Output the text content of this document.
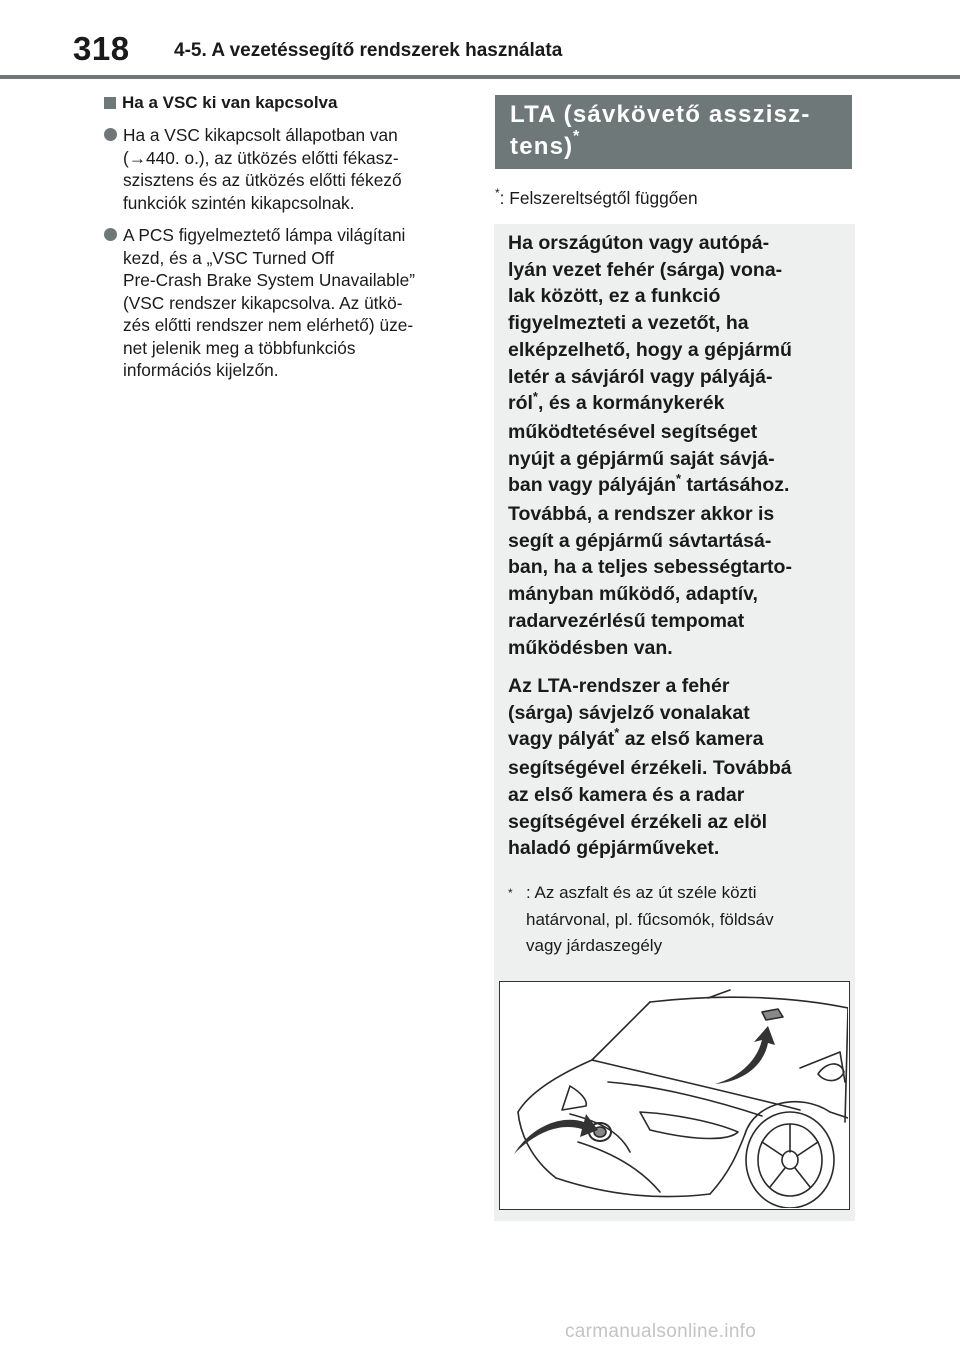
318 4-5. A vezetéssegítő rendszerek használata
Ha a VSC ki van kapcsolva
Ha a VSC kikapcsolt állapotban van
(→440. o.), az ütközés előtti fékasz-
szisztens és az ütközés előtti fékező
funkciók szintén kikapcsolnak.
A PCS figyelmeztető lámpa világítani
kezd, és a „VSC Turned Off
Pre-Crash Brake System Unavailable”
(VSC rendszer kikapcsolva. Az ütkö-
zés előtti rendszer nem elérhető) üze-
net jelenik meg a többfunkciós
információs kijelzőn.
LTA (sávkövető asszisz-
tens) *
*: Felszereltségtől függően
Ha országúton vagy autópá-
lyán vezet fehér (sárga) vona-
lak között, ez a funkció
figyelmezteti a vezetőt, ha
elképzelhető, hogy a gépjármű
letér a sávjáról vagy pályájá-
ról*, és a kormánykerék
működtetésével segítséget
nyújt a gépjármű saját sávjá-
ban vagy pályáján* tartásához.
Továbbá, a rendszer akkor is
segít a gépjármű sávtartásá-
ban, ha a teljes sebességtarto-
mányban működő, adaptív,
radarvezérlésű tempomat
működésben van.
Az LTA-rendszer a fehér
(sárga) sávjelző vonalakat
vagy pályát* az első kamera
segítségével érzékeli. Továbbá
az első kamera és a radar
segítségével érzékeli az elöl
haladó gépjárműveket.
* : Az aszfalt és az út széle közti
határvonal, pl. fűcsomók, földsáv
vagy járdaszegély
carmanualsonline.info
